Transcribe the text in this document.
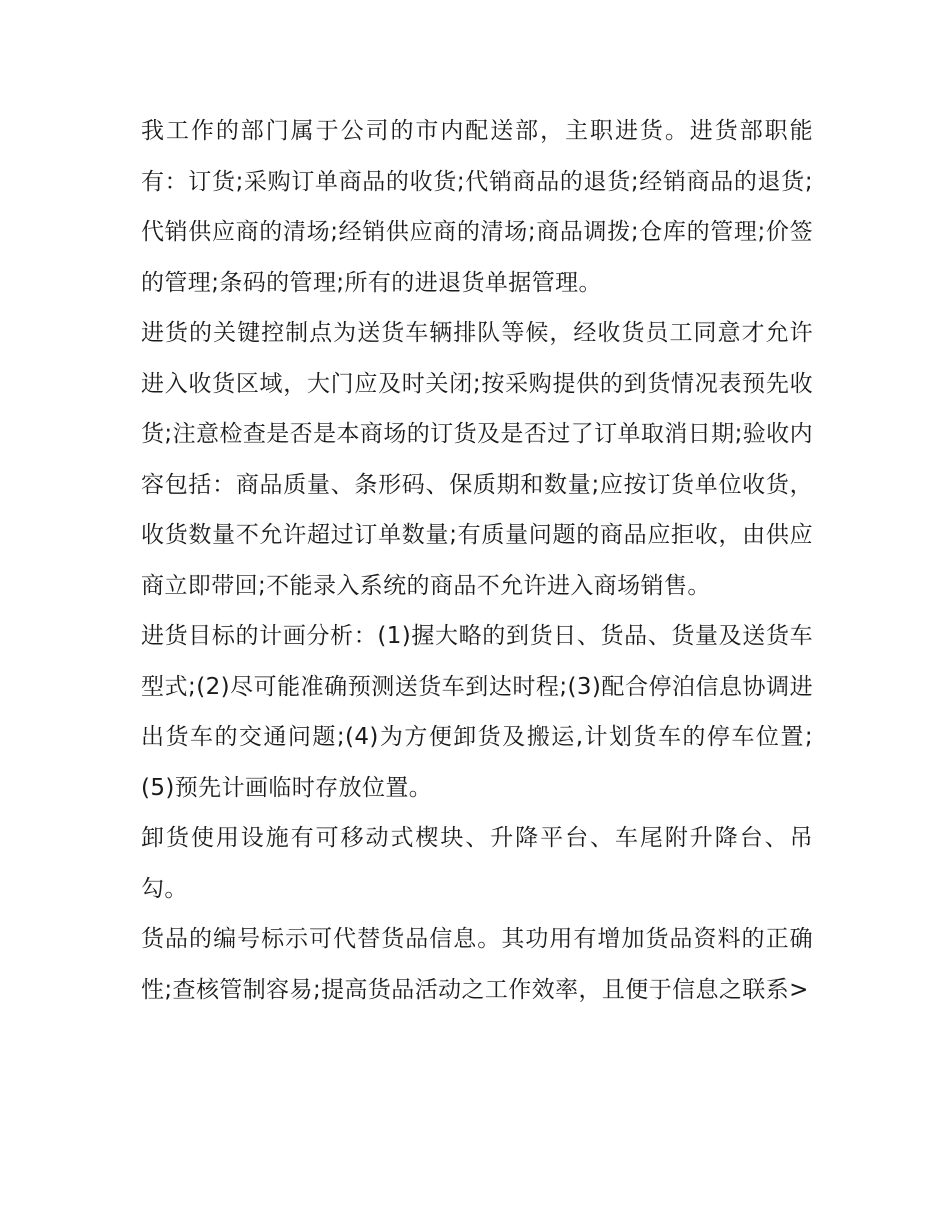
我工作的部门属于公司的市内配送部，主职进货。进货部职能有：订货;采购订单商品的收货;代销商品的退货;经销商品的退货;代销供应商的清场;经销供应商的清场;商品调拨;仓库的管理;价签的管理;条码的管理;所有的进退货单据管理。

进货的关键控制点为送货车辆排队等候，经收货员工同意才允许进入收货区域，大门应及时关闭;按采购提供的到货情况表预先收货;注意检查是否是本商场的订货及是否过了订单取消日期;验收内容包括：商品质量、条形码、保质期和数量;应按订货单位收货，收货数量不允许超过订单数量;有质量问题的商品应拒收，由供应商立即带回;不能录入系统的商品不允许进入商场销售。

进货目标的计画分析：(1)握大略的到货日、货品、货量及送货车型式;(2)尽可能准确预测送货车到达时程;(3)配合停泊信息协调进出货车的交通问题;(4)为方便卸货及搬运,计划货车的停车位置;(5)预先计画临时存放位置。

卸货使用设施有可移动式楔块、升降平台、车尾附升降台、吊勾。

货品的编号标示可代替货品信息。其功用有增加货品资料的正确性;查核管制容易;提高货品活动之工作效率，且便于信息之联系>
